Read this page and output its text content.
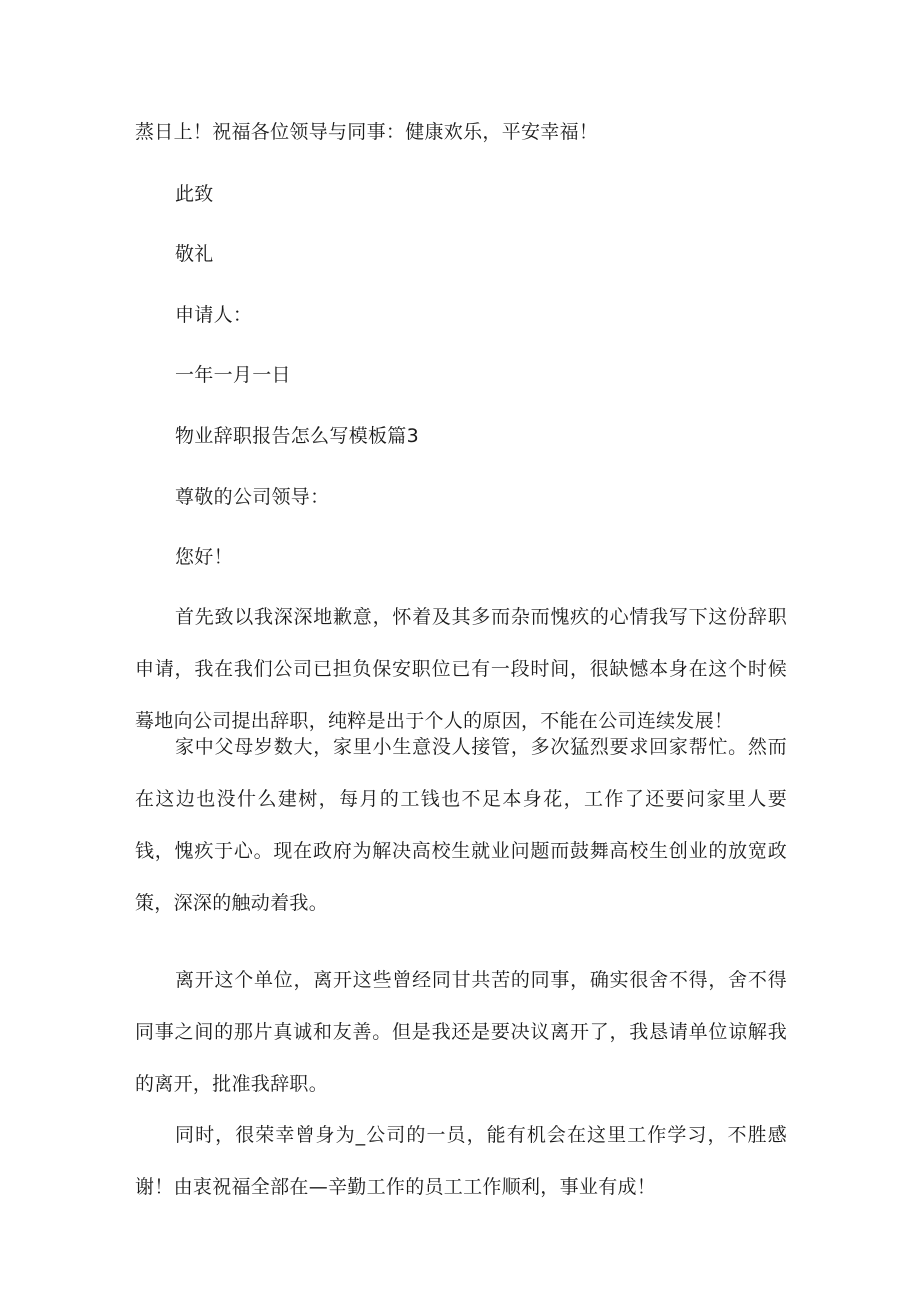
蒸日上！祝福各位领导与同事：健康欢乐，平安幸福！
此致
敬礼
申请人：
一年一月一日
物业辞职报告怎么写模板篇3
尊敬的公司领导：
您好！

首先致以我深深地歉意，怀着及其多而杂而愧疚的心情我写下这份辞职申请，我在我们公司已担负保安职位已有一段时间，很缺憾本身在这个时候蓦地向公司提出辞职，纯粹是出于个人的原因，不能在公司连续发展！

家中父母岁数大，家里小生意没人接管，多次猛烈要求回家帮忙。然而在这边也没什么建树，每月的工钱也不足本身花，工作了还要问家里人要钱，愧疚于心。现在政府为解决高校生就业问题而鼓舞高校生创业的放宽政策，深深的触动着我。

离开这个单位，离开这些曾经同甘共苦的同事，确实很舍不得，舍不得同事之间的那片真诚和友善。但是我还是要决议离开了，我恳请单位谅解我的离开，批准我辞职。

同时，很荣幸曾身为_公司的一员，能有机会在这里工作学习，不胜感谢！由衷祝福全部在—辛勤工作的员工工作顺利，事业有成！
